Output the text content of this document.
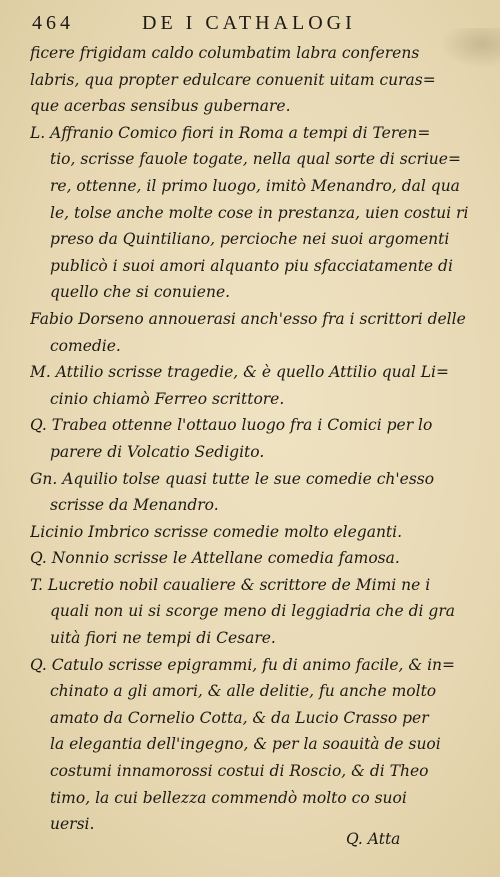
464	DE I CATHALOGI
ficere frigidam caldo columbatim labra conferens
labris, qua propter edulcare conuenit uitam curas=
que acerbas sensibus gubernare.
L. Affranio Comico fiori in Roma a tempi di Teren=
tio, scrisse fauole togate, nella qual sorte di scriue=
re, ottenne, il primo luogo, imitò Menandro, dal qua
le, tolse anche molte cose in prestanza, uien costui ri
preso da Quintiliano, percioche nei suoi argomenti
publicò i suoi amori alquanto piu sfacciatamente di
quello che si conuiene.
Fabio Dorseno annouerasi anch'esso fra i scrittori delle
comedie.
M. Attilio scrisse tragedie, & è quello Attilio qual Li=
cinio chiamò Ferreo scrittore.
Q. Trabea ottenne l'ottauo luogo fra i Comici per lo
parere di Volcatio Sedigito.
Gn. Aquilio tolse quasi tutte le sue comedie ch'esso
scrisse da Menandro.
Licinio Imbrico scrisse comedie molto eleganti.
Q. Nonnio scrisse le Attellane comedia famosa.
T. Lucretio nobil caualiere & scrittore de Mimi ne i
quali non ui si scorge meno di leggiadria che di gra
uità fiori ne tempi di Cesare.
Q. Catulo scrisse epigrammi, fu di animo facile, & in=
chinato a gli amori, & alle delitie, fu anche molto
amato da Cornelio Cotta, & da Lucio Crasso per
la elegantia dell'ingegno, & per la soauità de suoi
costumi innamorossi costui di Roscio, & di Theo
timo, la cui bellezza commendò molto co suoi
uersi.
Q. Atta
